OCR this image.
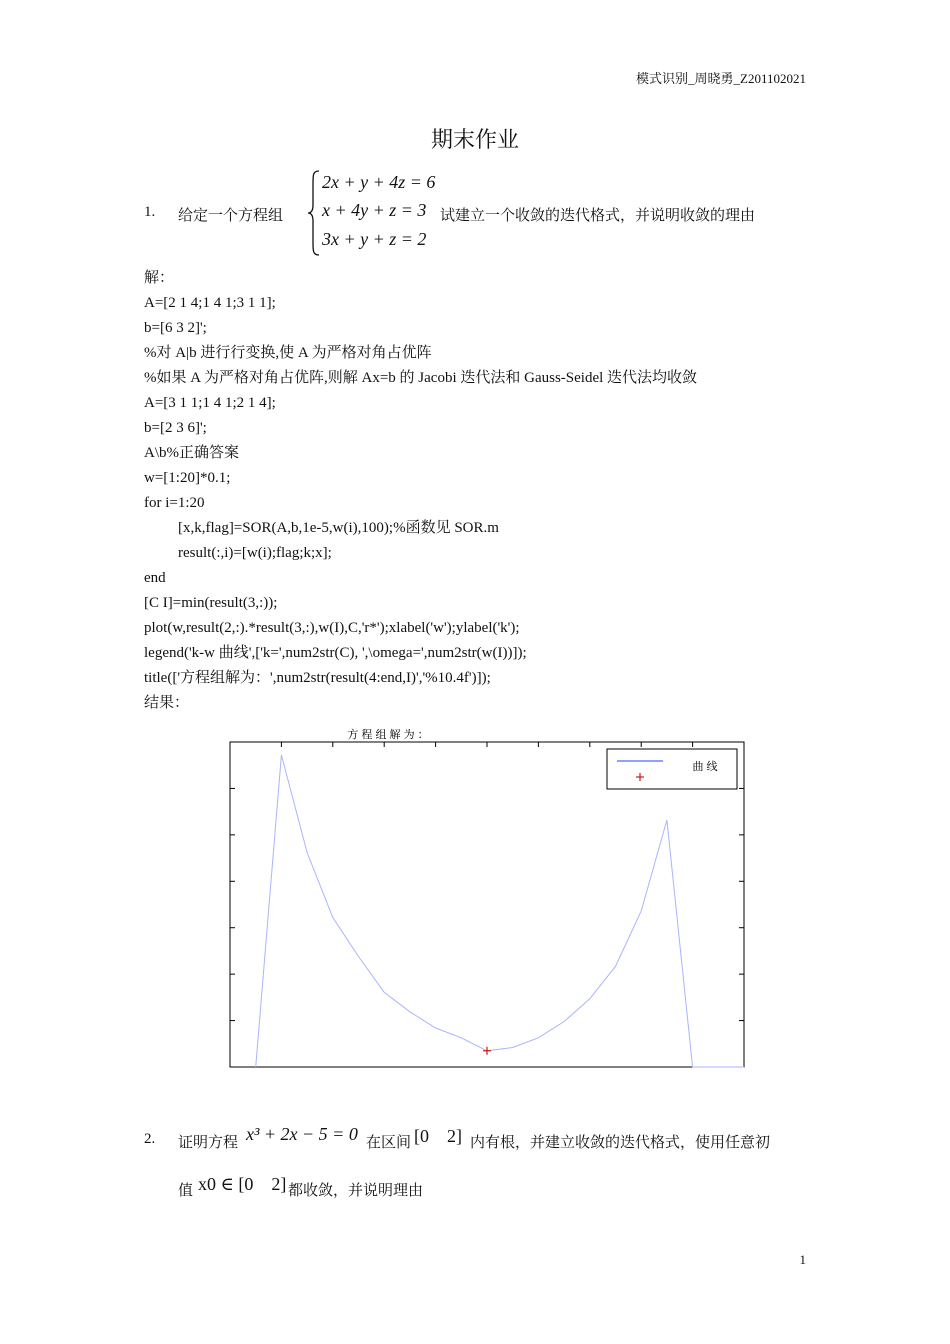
模式识别_周晓勇_Z201102021
期末作业
1. 给定一个方程组
2x + y + 4z = 6
x + 4y + z = 3
3x + y + z = 2
试建立一个收敛的迭代格式，并说明收敛的理由
解：
A=[2 1 4;1 4 1;3 1 1];
b=[6 3 2]';
%对 A|b 进行行变换,使 A 为严格对角占优阵
%如果 A 为严格对角占优阵,则解 Ax=b 的 Jacobi 迭代法和 Gauss-Seidel 迭代法均收敛
A=[3 1 1;1 4 1;2 1 4];
b=[2 3 6]';
A\b%正确答案
w=[1:20]*0.1;
for i=1:20
[x,k,flag]=SOR(A,b,1e-5,w(i),100);%函数见 SOR.m
result(:,i)=[w(i);flag;k;x];
end
[C I]=min(result(3,:));
plot(w,result(2,:).*result(3,:),w(I),C,'r*');xlabel('w');ylabel('k');
legend('k-w 曲线',['k=',num2str(C), ',\omega=',num2str(w(I))]);
title(['方程组解为：',num2str(result(4:end,I)','%10.4f')]);
结果：
方 程 组 解 为 ：
曲 线
2. 证明方程 x³ + 2x − 5 = 0 在区间 [0    2] 内有根，并建立收敛的迭代格式，使用任意初
值 x0 ∈ [0    2] 都收敛，并说明理由
1
